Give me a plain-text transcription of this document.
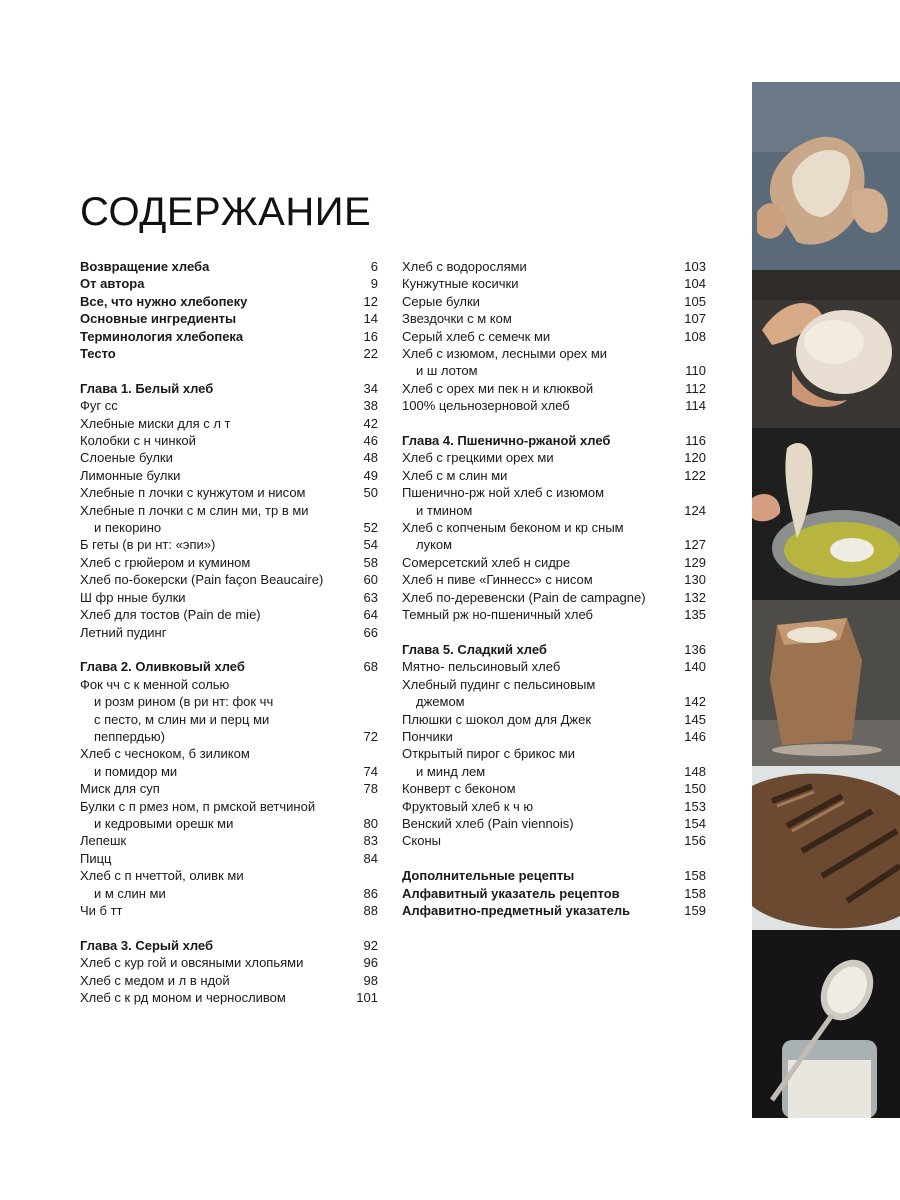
СОДЕРЖАНИЕ
Возвращение хлеба	6
От автора	9
Все, что нужно хлебопеку	12
Основные ингредиенты	14
Терминология хлебопека	16
Тесто	22
Глава 1. Белый хлеб	34
Фуг сс	38
Хлебные миски для с л т	42
Колобки с н чинкой	46
Слоеные булки	48
Лимонные булки	49
Хлебные п лочки с кунжутом и нисом	50
Хлебные п лочки с м слин ми, тр в ми
и пекорино	52
Б геты (в ри нт: «эпи»)	54
Хлеб с грюйером и кумином	58
Хлеб по-бокерски (Pain façon Beaucaire)	60
Ш фр нные булки	63
Хлеб для тостов (Pain de mie)	64
Летний пудинг	66
Глава 2. Оливковый хлеб	68
Фок чч с к менной солью
и розм рином (в ри нт: фок чч
с песто, м слин ми и перц ми
пеппердью)	72
Хлеб с чесноком, б зиликом
и помидор ми	74
Миск для суп	78
Булки с п рмез ном, п рмской ветчиной
и кедровыми орешк ми	80
Лепешк	83
Пицц	84
Хлеб с п нчеттой, оливк ми
и м слин ми	86
Чи б тт	88
Глава 3. Серый хлеб	92
Хлеб с кур гой и овсяными хлопьями	96
Хлеб с медом и л в ндой	98
Хлеб с к рд моном и черносливом	101
Хлеб с водорослями	103
Кунжутные косички	104
Серые булки	105
Звездочки с м ком	107
Серый хлеб с семечк ми	108
Хлеб с изюмом, лесными орех ми
и ш лотом	110
Хлеб с орех ми пек н и клюквой	112
100% цельнозерновой хлеб	114
Глава 4. Пшенично-ржаной хлеб	116
Хлеб с грецкими орех ми	120
Хлеб с м слин ми	122
Пшенично-рж ной хлеб с изюмом
и тмином	124
Хлеб с копченым беконом и кр сным
луком	127
Сомерсетский хлеб н сидре	129
Хлеб н пиве «Гиннесс» с нисом	130
Хлеб по-деревенски (Pain de campagne)	132
Темный рж но-пшеничный хлеб	135
Глава 5. Сладкий хлеб	136
Мятно- пельсиновый хлеб	140
Хлебный пудинг с пельсиновым
джемом	142
Плюшки с шокол дом для Джек	145
Пончики	146
Открытый пирог с брикос ми
и минд лем	148
Конверт с беконом	150
Фруктовый хлеб к ч ю	153
Венский хлеб (Pain viennois)	154
Сконы	156
Дополнительные рецепты	158
Алфавитный указатель рецептов	158
Алфавитно-предметный указатель	159
